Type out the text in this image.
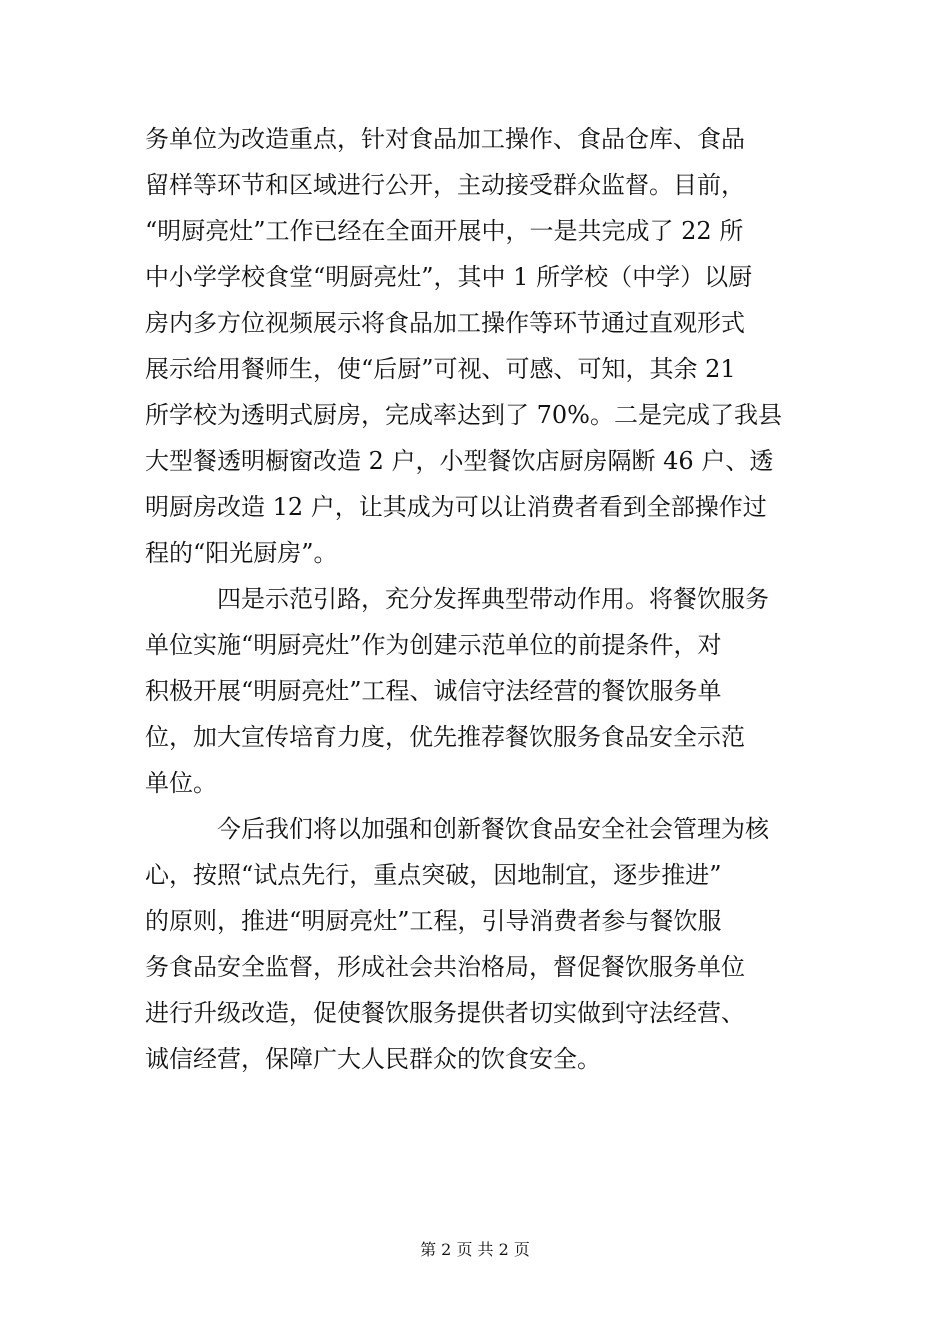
务单位为改造重点，针对食品加工操作、食品仓库、食品
留样等环节和区域进行公开，主动接受群众监督。目前，
“明厨亮灶”工作已经在全面开展中，一是共完成了 22 所
中小学学校食堂“明厨亮灶”，其中 1 所学校（中学）以厨
房内多方位视频展示将食品加工操作等环节通过直观形式
展示给用餐师生，使“后厨”可视、可感、可知，其余 21
所学校为透明式厨房，完成率达到了 70%。二是完成了我县
大型餐透明橱窗改造 2 户，小型餐饮店厨房隔断 46 户、透
明厨房改造 12 户，让其成为可以让消费者看到全部操作过
程的“阳光厨房”。
四是示范引路，充分发挥典型带动作用。将餐饮服务
单位实施“明厨亮灶”作为创建示范单位的前提条件，对
积极开展“明厨亮灶”工程、诚信守法经营的餐饮服务单
位，加大宣传培育力度，优先推荐餐饮服务食品安全示范
单位。
今后我们将以加强和创新餐饮食品安全社会管理为核
心，按照“试点先行，重点突破，因地制宜，逐步推进”
的原则，推进“明厨亮灶”工程，引导消费者参与餐饮服
务食品安全监督，形成社会共治格局，督促餐饮服务单位
进行升级改造，促使餐饮服务提供者切实做到守法经营、
诚信经营，保障广大人民群众的饮食安全。
第 2 页 共 2 页
